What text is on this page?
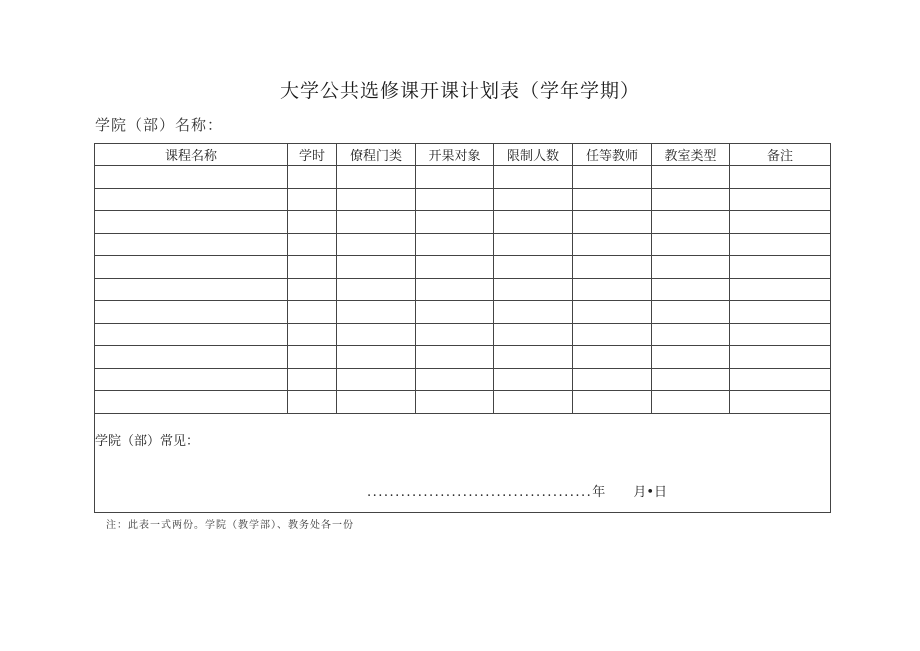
大学公共选修课开课计划表（学年学期）
学院（部）名称：
课程名称	学时	僚程门类	开果对象	限制人数	任等教师	教室类型	备注

学院（部）常见：
........................................年 月•日							
注：此表一式两份。学院（教学部）、教务处各一份
